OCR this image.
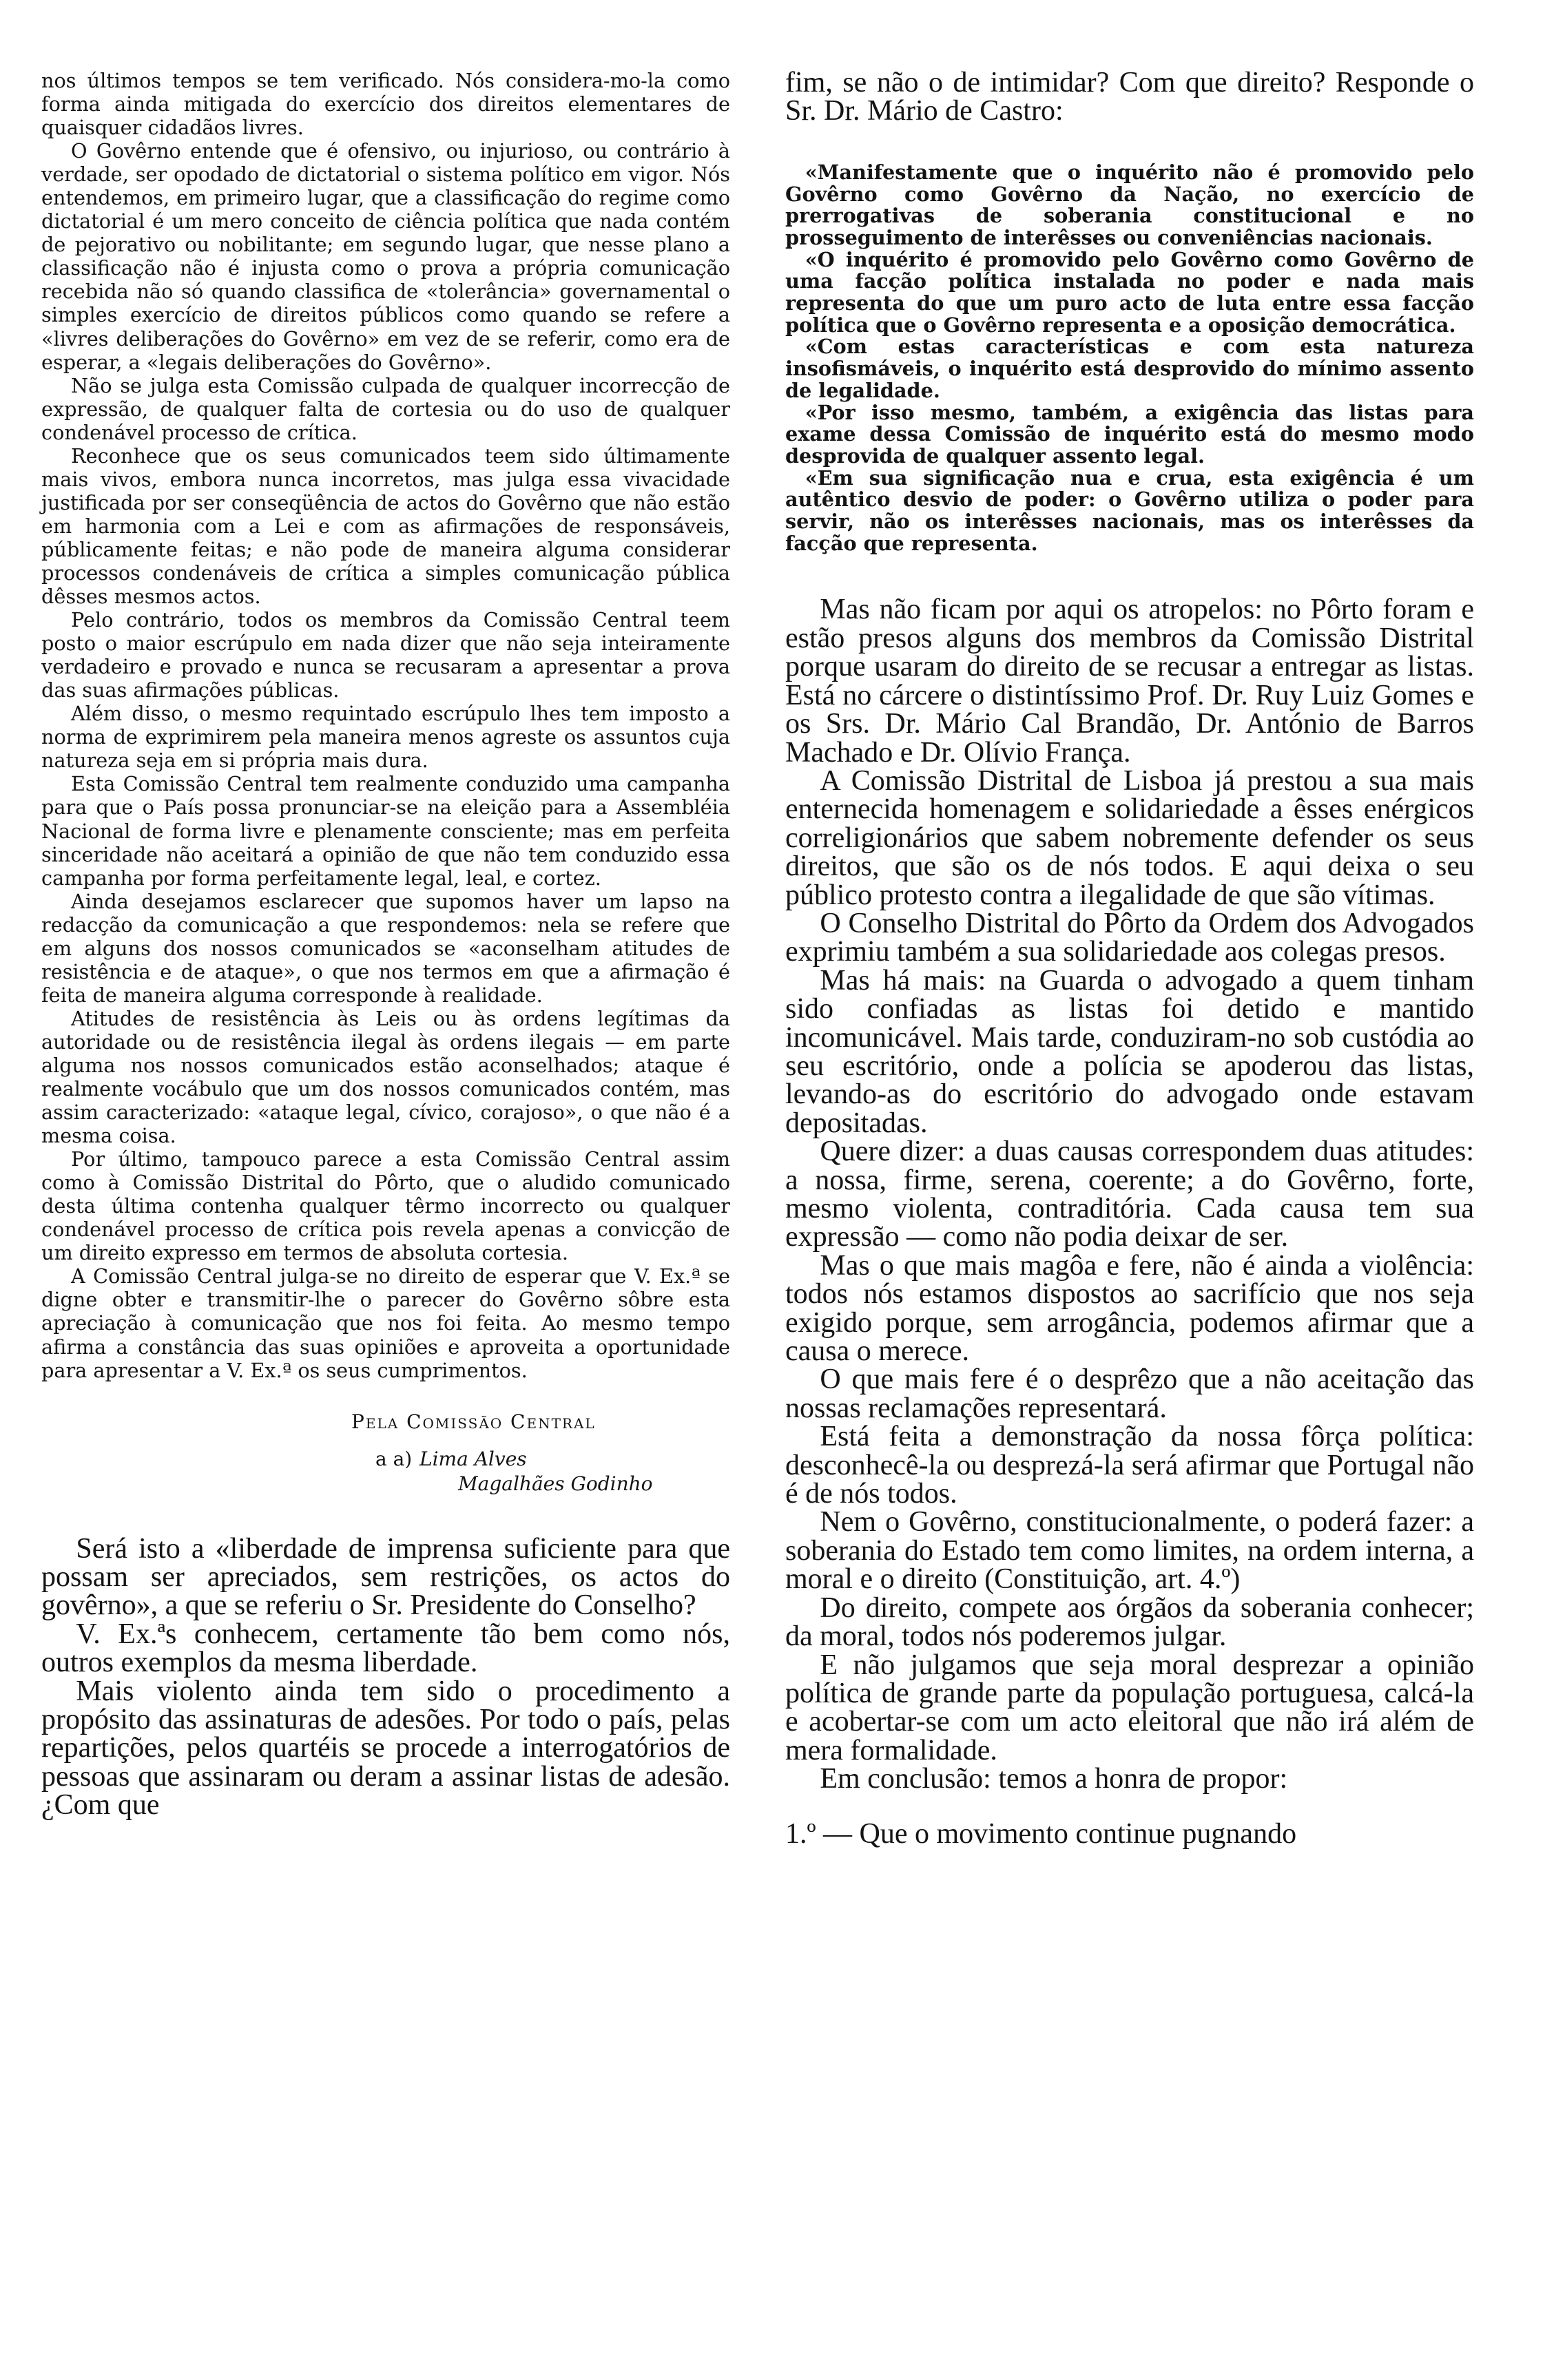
nos últimos tempos se tem verificado. Nós considera-mo-la como forma ainda mitigada do exercício dos direitos elementares de quaisquer cidadãos livres.

O Govêrno entende que é ofensivo, ou injurioso, ou contrário à verdade, ser opodado de dictatorial o sistema político em vigor. Nós entendemos, em primeiro lugar, que a classificação do regime como dictatorial é um mero conceito de ciência política que nada contém de pejorativo ou nobilitante; em segundo lugar, que nesse plano a classificação não é injusta como o prova a própria comunicação recebida não só quando classifica de «tolerância» governamental o simples exercício de direitos públicos como quando se refere a «livres deliberações do Govêrno» em vez de se referir, como era de esperar, a «legais deliberações do Govêrno».

Não se julga esta Comissão culpada de qualquer incorrecção de expressão, de qualquer falta de cortesia ou do uso de qualquer condenável processo de crítica.

Reconhece que os seus comunicados teem sido últimamente mais vivos, embora nunca incorretos, mas julga essa vivacidade justificada por ser conseqüência de actos do Govêrno que não estão em harmonia com a Lei e com as afirmações de responsáveis, públicamente feitas; e não pode de maneira alguma considerar processos condenáveis de crítica a simples comunicação pública dêsses mesmos actos.

Pelo contrário, todos os membros da Comissão Central teem posto o maior escrúpulo em nada dizer que não seja inteiramente verdadeiro e provado e nunca se recusaram a apresentar a prova das suas afirmações públicas.

Além disso, o mesmo requintado escrúpulo lhes tem imposto a norma de exprimirem pela maneira menos agreste os assuntos cuja natureza seja em si própria mais dura.

Esta Comissão Central tem realmente conduzido uma campanha para que o País possa pronunciar-se na eleição para a Assembléia Nacional de forma livre e plenamente consciente; mas em perfeita sinceridade não aceitará a opinião de que não tem conduzido essa campanha por forma perfeitamente legal, leal, e cortez.

Ainda desejamos esclarecer que supomos haver um lapso na redacção da comunicação a que respondemos: nela se refere que em alguns dos nossos comunicados se «aconselham atitudes de resistência e de ataque», o que nos termos em que a afirmação é feita de maneira alguma corresponde à realidade.

Atitudes de resistência às Leis ou às ordens legítimas da autoridade ou de resistência ilegal às ordens ilegais — em parte alguma nos nossos comunicados estão aconselhados; ataque é realmente vocábulo que um dos nossos comunicados contém, mas assim caracterizado: «ataque legal, cívico, corajoso», o que não é a mesma coisa.

Por último, tampouco parece a esta Comissão Central assim como à Comissão Distrital do Pôrto, que o aludido comunicado desta última contenha qualquer têrmo incorrecto ou qualquer condenável processo de crítica pois revela apenas a convicção de um direito expresso em termos de absoluta cortesia.

A Comissão Central julga-se no direito de esperar que V. Ex.ª se digne obter e transmitir-lhe o parecer do Govêrno sôbre esta apreciação à comunicação que nos foi feita. Ao mesmo tempo afirma a constância das suas opiniões e aproveita a oportunidade para apresentar a V. Ex.ª os seus cumprimentos.

Pela Comissão Central
a a) Lima Alves
Magalhães Godinho

Será isto a «liberdade de imprensa suficiente para que possam ser apreciados, sem restrições, os actos do govêrno», a que se referiu o Sr. Presidente do Conselho?

V. Ex.ªs conhecem, certamente tão bem como nós, outros exemplos da mesma liberdade.

Mais violento ainda tem sido o procedimento a propósito das assinaturas de adesões. Por todo o país, pelas repartições, pelos quartéis se procede a interrogatórios de pessoas que assinaram ou deram a assinar listas de adesão. ¿Com que

fim, se não o de intimidar? Com que direito? Responde o Sr. Dr. Mário de Castro:

«Manifestamente que o inquérito não é promovido pelo Govêrno como Govêrno da Nação, no exercício de prerrogativas de soberania constitucional e no prosseguimento de interêsses ou conveniências nacionais.

«O inquérito é promovido pelo Govêrno como Govêrno de uma facção política instalada no poder e nada mais representa do que um puro acto de luta entre essa facção política que o Govêrno representa e a oposição democrática.

«Com estas características e com esta natureza insofismáveis, o inquérito está desprovido do mínimo assento de legalidade.

«Por isso mesmo, também, a exigência das listas para exame dessa Comissão de inquérito está do mesmo modo desprovida de qualquer assento legal.

«Em sua significação nua e crua, esta exigência é um autêntico desvio de poder: o Govêrno utiliza o poder para servir, não os interêsses nacionais, mas os interêsses da facção que representa.

Mas não ficam por aqui os atropelos: no Pôrto foram e estão presos alguns dos membros da Comissão Distrital porque usaram do direito de se recusar a entregar as listas. Está no cárcere o distintíssimo Prof. Dr. Ruy Luiz Gomes e os Srs. Dr. Mário Cal Brandão, Dr. António de Barros Machado e Dr. Olívio França.

A Comissão Distrital de Lisboa já prestou a sua mais enternecida homenagem e solidariedade a êsses enérgicos correligionários que sabem nobremente defender os seus direitos, que são os de nós todos. E aqui deixa o seu público protesto contra a ilegalidade de que são vítimas.

O Conselho Distrital do Pôrto da Ordem dos Advogados exprimiu também a sua solidariedade aos colegas presos.

Mas há mais: na Guarda o advogado a quem tinham sido confiadas as listas foi detido e mantido incomunicável. Mais tarde, conduziram-no sob custódia ao seu escritório, onde a polícia se apoderou das listas, levando-as do escritório do advogado onde estavam depositadas.

Quere dizer: a duas causas correspondem duas atitudes: a nossa, firme, serena, coerente; a do Govêrno, forte, mesmo violenta, contraditória. Cada causa tem sua expressão — como não podia deixar de ser.

Mas o que mais magôa e fere, não é ainda a violência: todos nós estamos dispostos ao sacrifício que nos seja exigido porque, sem arrogância, podemos afirmar que a causa o merece.

O que mais fere é o desprêzo que a não aceitação das nossas reclamações representará.

Está feita a demonstração da nossa fôrça política: desconhecê-la ou desprezá-la será afirmar que Portugal não é de nós todos.

Nem o Govêrno, constitucionalmente, o poderá fazer: a soberania do Estado tem como limites, na ordem interna, a moral e o direito (Constituição, art. 4.º)

Do direito, compete aos órgãos da soberania conhecer; da moral, todos nós poderemos julgar.

E não julgamos que seja moral desprezar a opinião política de grande parte da população portuguesa, calcá-la e acobertar-se com um acto eleitoral que não irá além de mera formalidade.

Em conclusão: temos a honra de propor:

1.º — Que o movimento continue pugnando
